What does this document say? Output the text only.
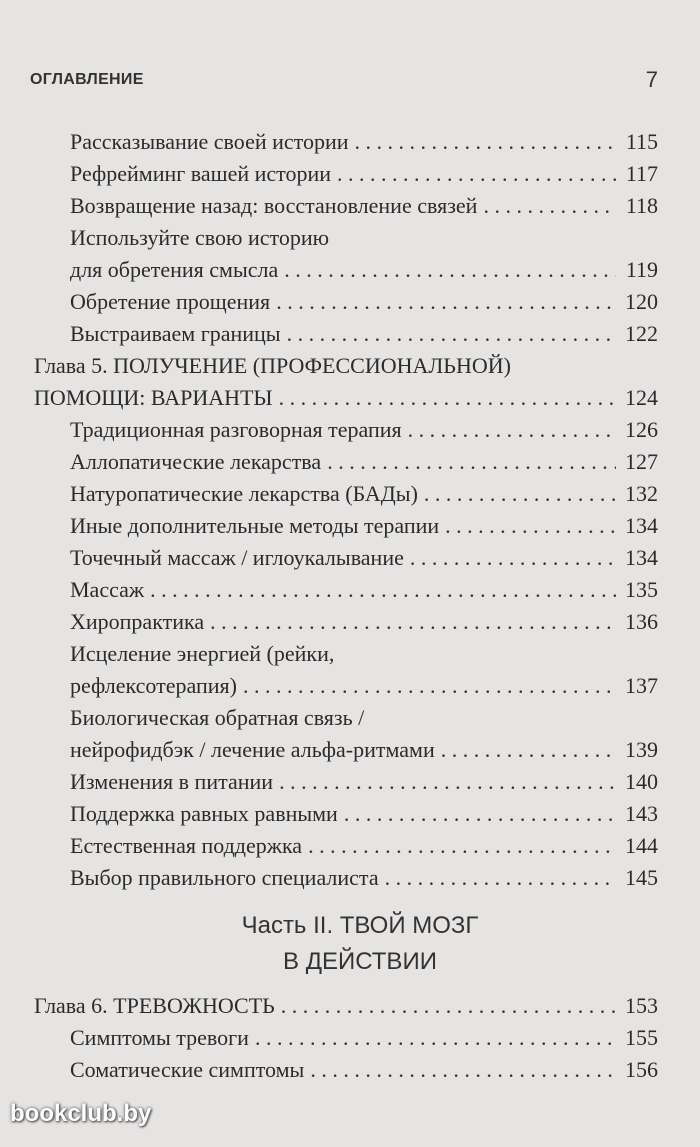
ОГЛАВЛЕНИЕ	7
Рассказывание своей истории . . .	115
Рефрейминг вашей истории . . .	117
Возвращение назад: восстановление связей . . .	118
Используйте свою историю
для обретения смысла . . .	119
Обретение прощения . . .	120
Выстраиваем границы . . .	122
Глава 5. ПОЛУЧЕНИЕ (ПРОФЕССИОНАЛЬНОЙ)
ПОМОЩИ: ВАРИАНТЫ . . .	124
Традиционная разговорная терапия . . .	126
Аллопатические лекарства . . .	127
Натуропатические лекарства (БАДы) . . .	132
Иные дополнительные методы терапии . . .	134
Точечный массаж / иглоукалывание . . .	134
Массаж . . .	135
Хиропрактика . . .	136
Исцеление энергией (рейки,
рефлексотерапия) . . .	137
Биологическая обратная связь /
нейрофидбэк / лечение альфа-ритмами . . .	139
Изменения в питании . . .	140
Поддержка равных равными . . .	143
Естественная поддержка . . .	144
Выбор правильного специалиста . . .	145
Часть II. ТВОЙ МОЗГ
В ДЕЙСТВИИ
Глава 6. ТРЕВОЖНОСТЬ . . .	153
Симптомы тревоги . . .	155
Соматические симптомы . . .	156
bookclub.by
